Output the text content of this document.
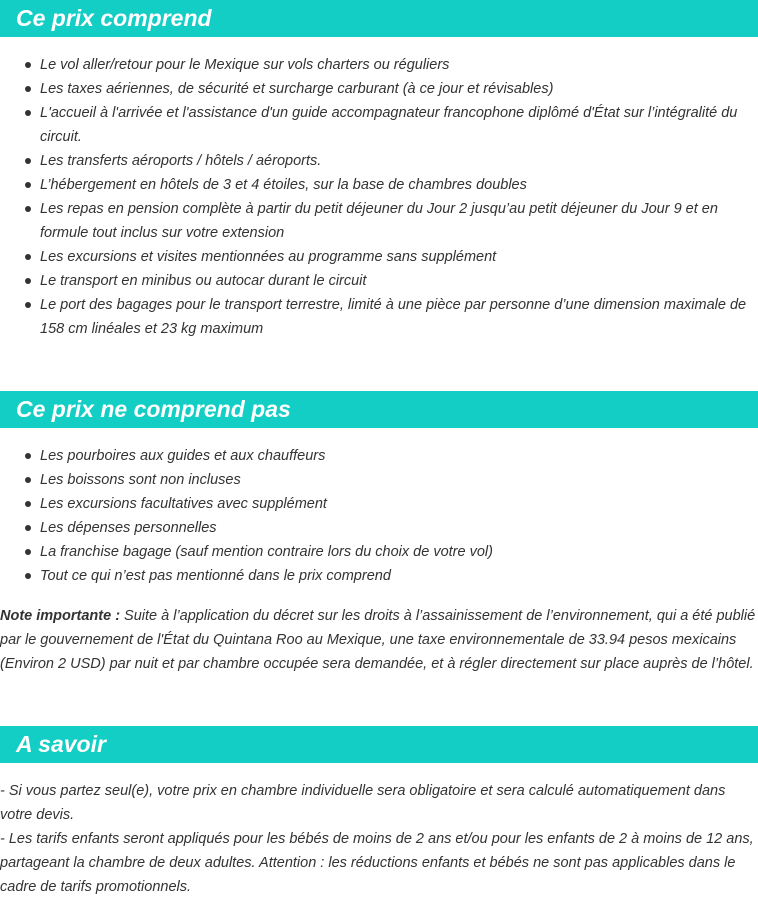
Ce prix comprend
Le vol aller/retour pour le Mexique sur vols charters ou réguliers
Les taxes aériennes, de sécurité et surcharge carburant (à ce jour et révisables)
L'accueil à l'arrivée et l'assistance d'un guide accompagnateur francophone diplômé d'État sur l’intégralité du circuit.
Les transferts aéroports / hôtels / aéroports.
L’hébergement en hôtels de 3 et 4 étoiles, sur la base de chambres doubles
Les repas en pension complète à partir du petit déjeuner du Jour 2 jusqu’au petit déjeuner du Jour 9 et en formule tout inclus sur votre extension
Les excursions et visites mentionnées au programme sans supplément
Le transport en minibus ou autocar durant le circuit
Le port des bagages pour le transport terrestre, limité à une pièce par personne d’une dimension maximale de 158 cm linéales et 23 kg maximum
Ce prix ne comprend pas
Les pourboires aux guides et aux chauffeurs
Les boissons sont non incluses
Les excursions facultatives avec supplément
Les dépenses personnelles
La franchise bagage (sauf mention contraire lors du choix de votre vol)
Tout ce qui n’est pas mentionné dans le prix comprend

Note importante : Suite à l’application du décret sur les droits à l’assainissement de l’environnement, qui a été publié par le gouvernement de l'État du Quintana Roo au Mexique, une taxe environnementale de 33.94 pesos mexicains (Environ 2 USD) par nuit et par chambre occupée sera demandée, et à régler directement sur place auprès de l’hôtel.

A savoir

- Si vous partez seul(e), votre prix en chambre individuelle sera obligatoire et sera calculé automatiquement dans votre devis.

- Les tarifs enfants seront appliqués pour les bébés de moins de 2 ans et/ou pour les enfants de 2 à moins de 12 ans, partageant la chambre de deux adultes. Attention : les réductions enfants et bébés ne sont pas applicables dans le cadre de tarifs promotionnels.
